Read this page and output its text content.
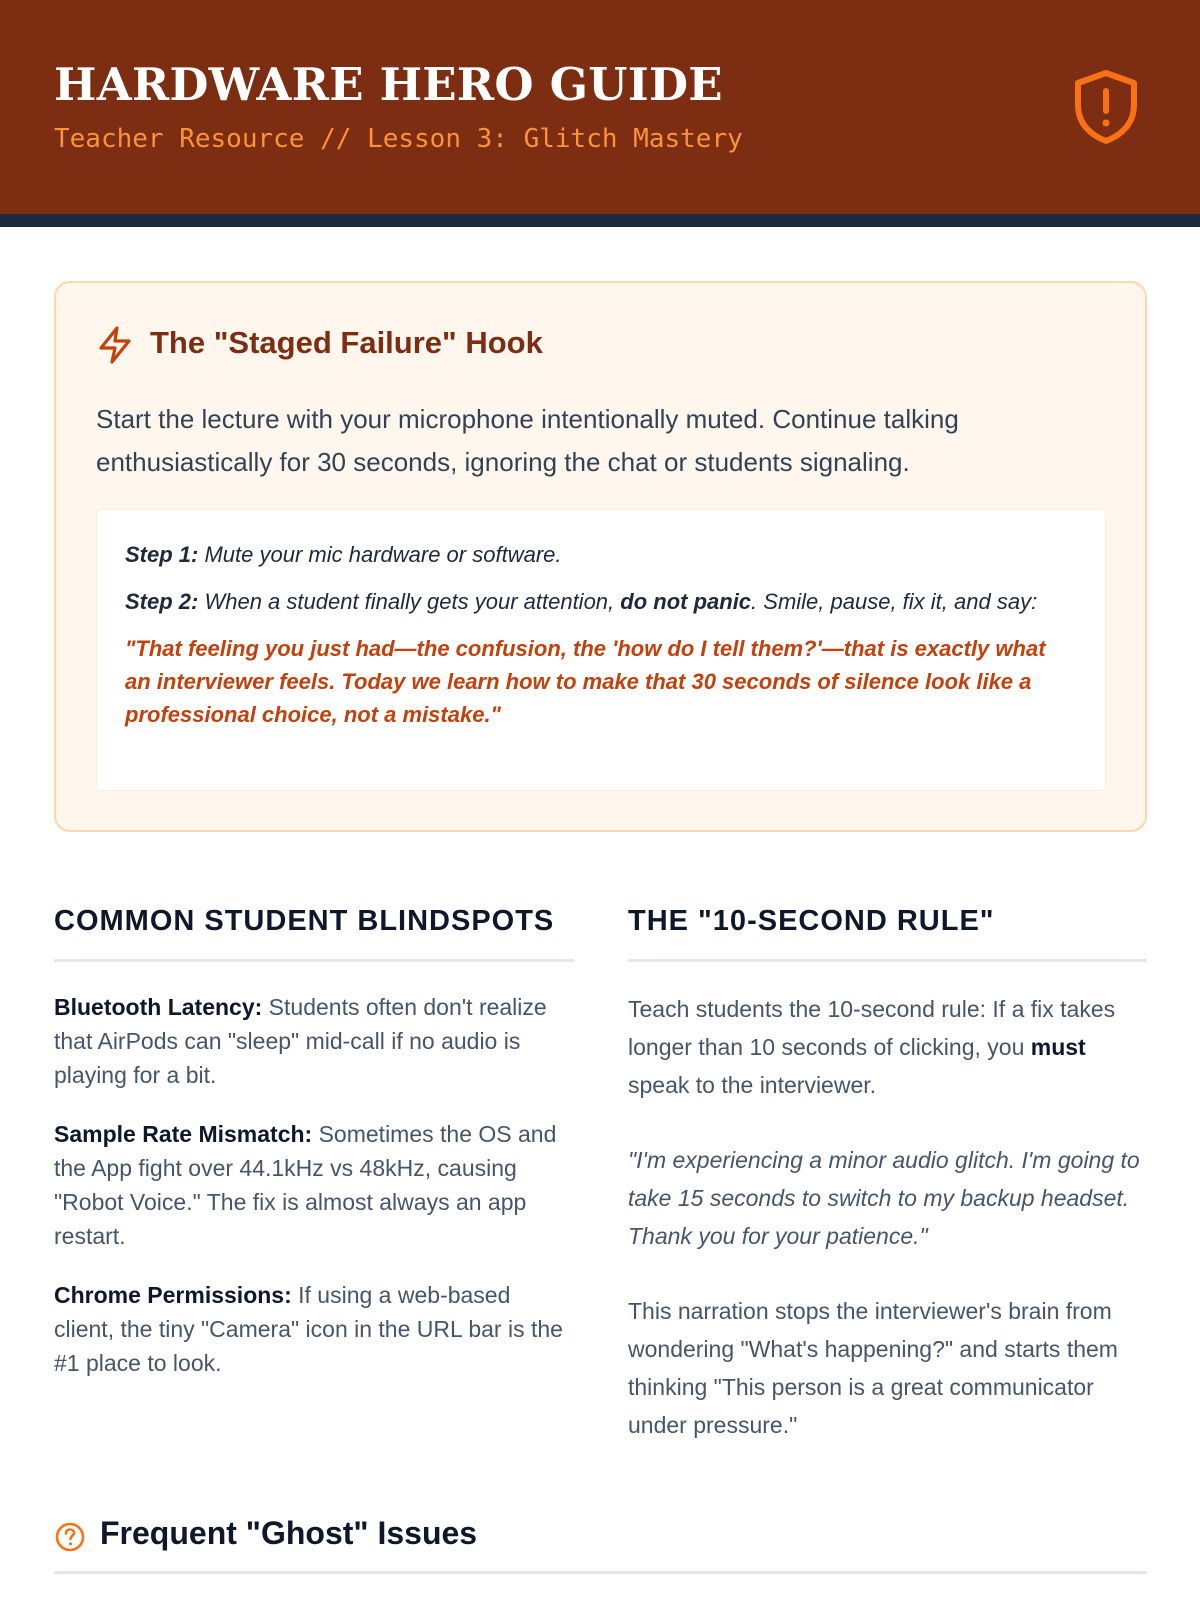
HARDWARE HERO GUIDE
Teacher Resource // Lesson 3: Glitch Mastery
The "Staged Failure" Hook

Start the lecture with your microphone intentionally muted. Continue talking enthusiastically for 30 seconds, ignoring the chat or students signaling.

Step 1: Mute your mic hardware or software.

Step 2: When a student finally gets your attention, do not panic. Smile, pause, fix it, and say:

"That feeling you just had—the confusion, the 'how do I tell them?'—that is exactly what an interviewer feels. Today we learn how to make that 30 seconds of silence look like a professional choice, not a mistake."

COMMON STUDENT BLINDSPOTS

Bluetooth Latency: Students often don't realize that AirPods can "sleep" mid-call if no audio is playing for a bit.

Sample Rate Mismatch: Sometimes the OS and the App fight over 44.1kHz vs 48kHz, causing "Robot Voice." The fix is almost always an app restart.

Chrome Permissions: If using a web-based client, the tiny "Camera" icon in the URL bar is the #1 place to look.

THE "10-SECOND RULE"

Teach students the 10-second rule: If a fix takes longer than 10 seconds of clicking, you must speak to the interviewer.

"I'm experiencing a minor audio glitch. I'm going to take 15 seconds to switch to my backup headset. Thank you for your patience."

This narration stops the interviewer's brain from wondering "What's happening?" and starts them thinking "This person is a great communicator under pressure."

Frequent "Ghost" Issues
